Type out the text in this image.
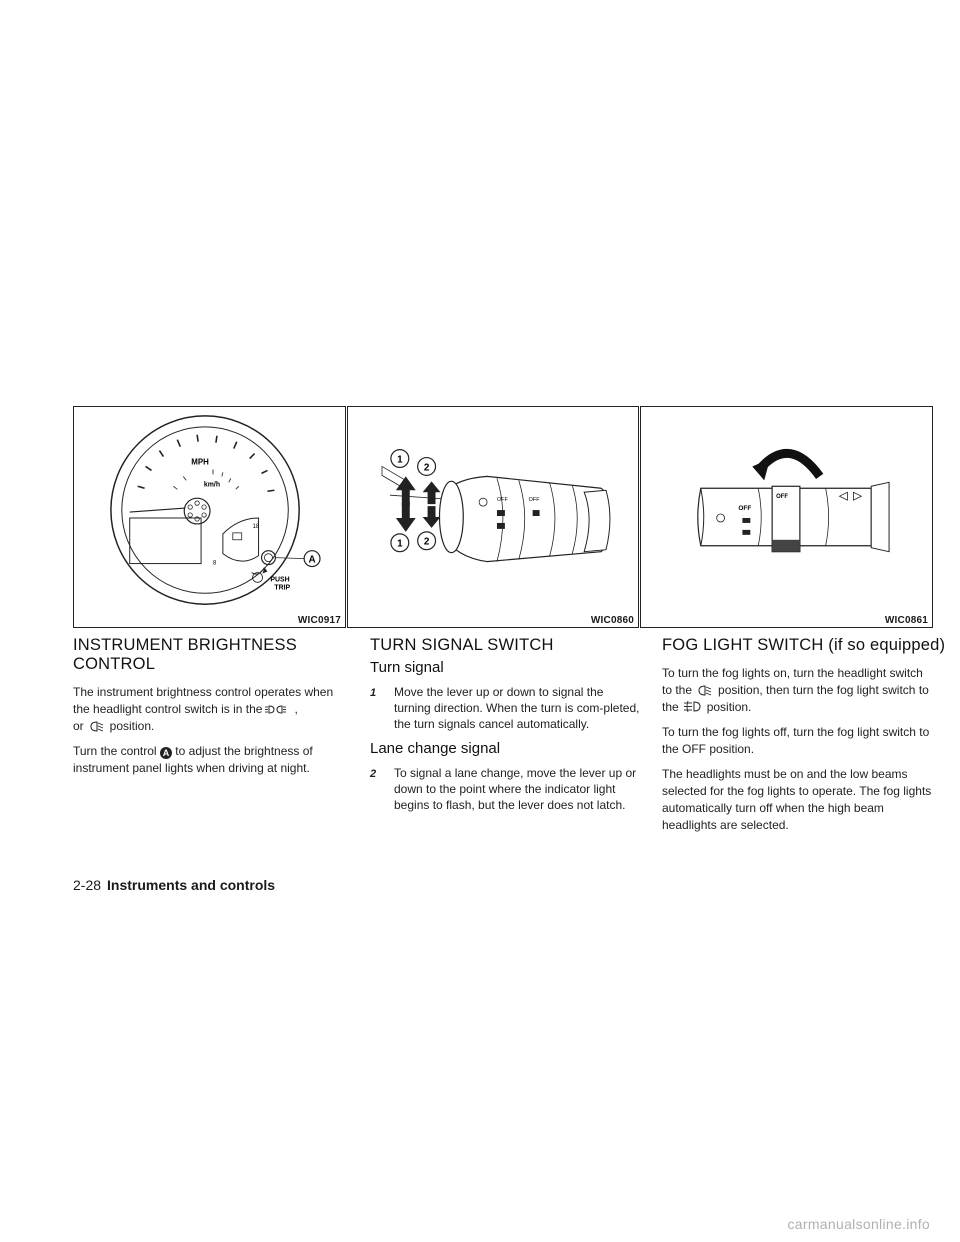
MPH
km/h
18
8	A
PUSH
TRIP
WIC0917
OFF	OFF
1
2
1 2
WIC0860
OFF
OFF
WIC0861
INSTRUMENT BRIGHTNESS CONTROL

The instrument brightness control operates when the headlight control switch is in the	,
or position.

Turn the control A to adjust the brightness of instrument panel lights when driving at night.

TURN SIGNAL SWITCH
Turn signal
1 Move the lever up or down to signal the turning direction. When the turn is com-pleted, the turn signals cancel automatically.
Lane change signal
2 To signal a lane change, move the lever up or down to the point where the indicator light begins to flash, but the lever does not latch.
FOG LIGHT SWITCH (if so equipped)

To turn the fog lights on, turn the headlight switch to the position, then turn the fog light switch to the position.

To turn the fog lights off, turn the fog light switch to the OFF position.

The headlights must be on and the low beams selected for the fog lights to operate. The fog lights automatically turn off when the high beam headlights are selected.

2-28 Instruments and controls
carmanualsonline.info
